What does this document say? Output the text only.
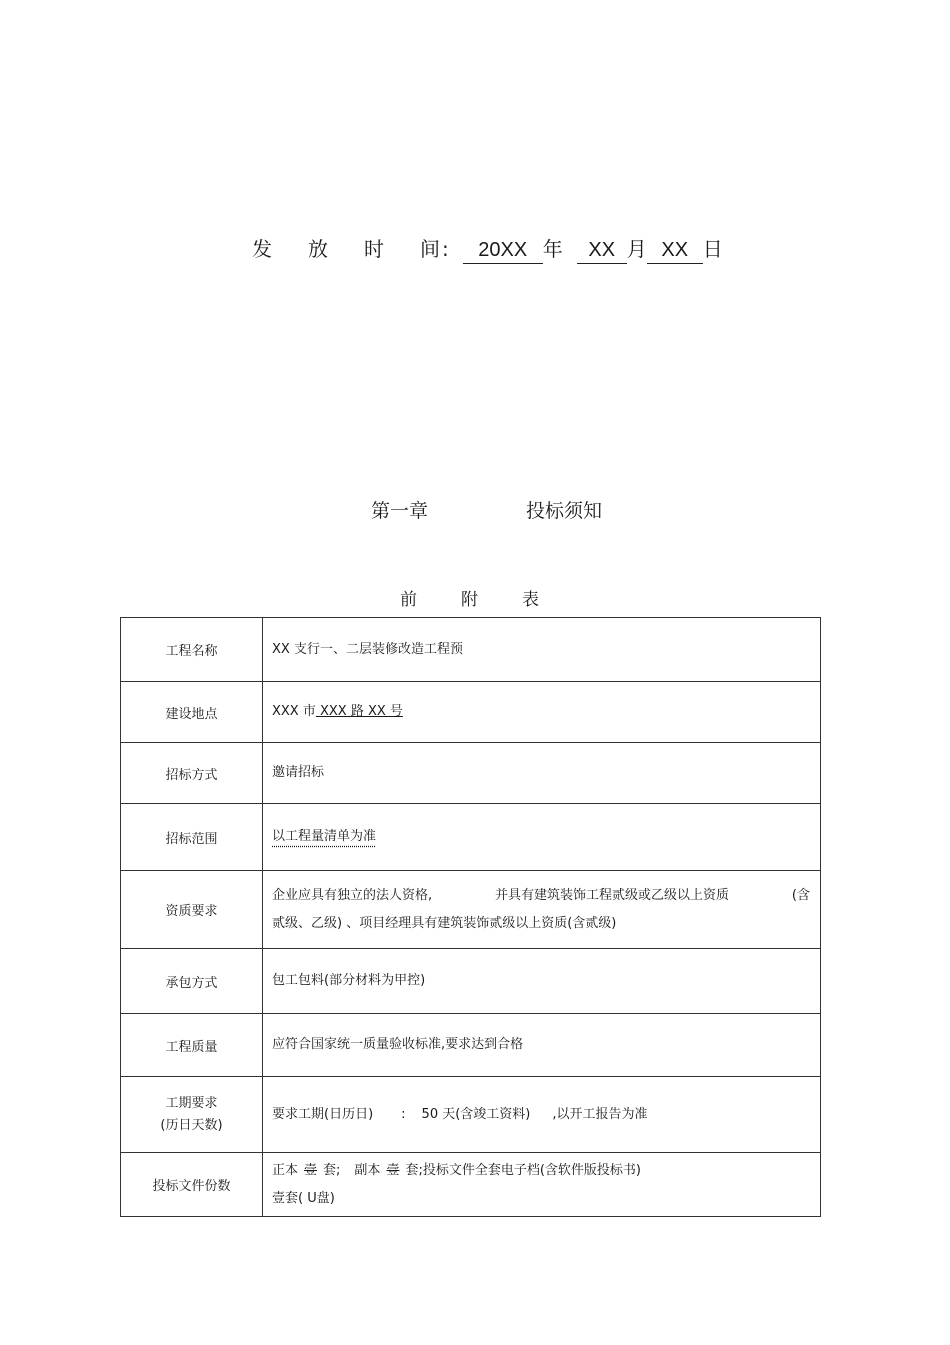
发 放 时 间 : 20XX 年 XX 月 XX 日
第一章	投标须知
前	附	表
工程名称	XX 支行一、二层装修改造工程预
建设地点	XXX 市 XXX 路 XX 号
招标方式	邀请招标
招标范围	以工程量清单为准
资质要求	企业应具有独立的法人资格, 并具有建筑装饰工程贰级或乙级以上资质 (含
贰级、乙级) 、项目经理具有建筑装饰贰级以上资质(含贰级)

承包方式	包工包料(部分材料为甲控)
工程质量	应符合国家统一质量验收标准,要求达到合格

工期要求
(历日天数)	要求工期(日历日) : 50 天(含竣工资料) ,以开工报告为准
投标文件份数	正本 壹 套; 副本 壹 套;投标文件全套电子档(含软件版投标书)
壹套( U盘)
